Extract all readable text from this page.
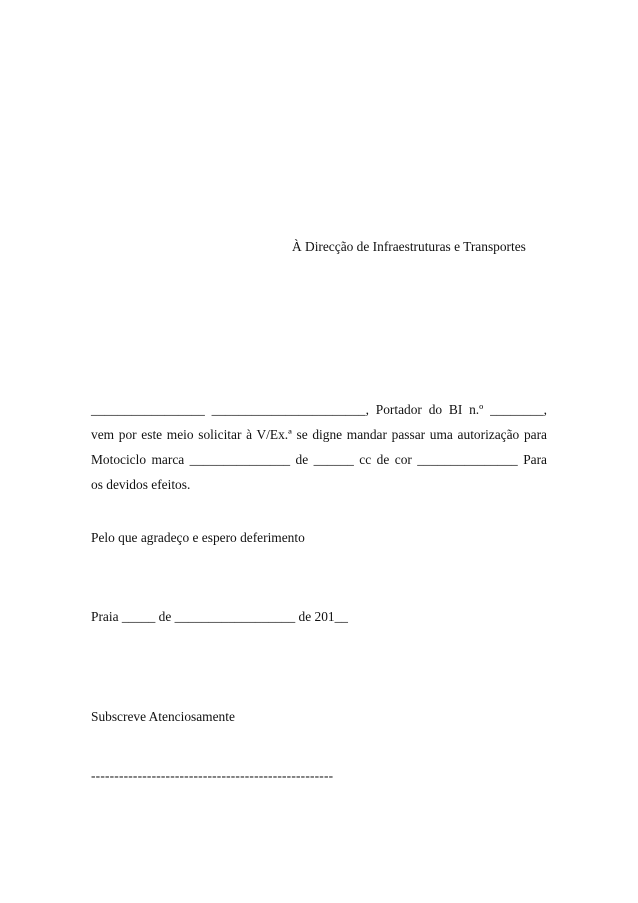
À Direcção de Infraestruturas e Transportes
_________________ _______________________, Portador do BI n.º ________,
vem por este meio solicitar à V/Ex.ª se digne mandar passar uma autorização para
Motociclo marca _______________ de ______ cc de cor _______________ Para
os devidos efeitos.
Pelo que agradeço e espero deferimento
Praia _____ de __________________ de 201__
Subscreve Atenciosamente
----------------------------------------------------
